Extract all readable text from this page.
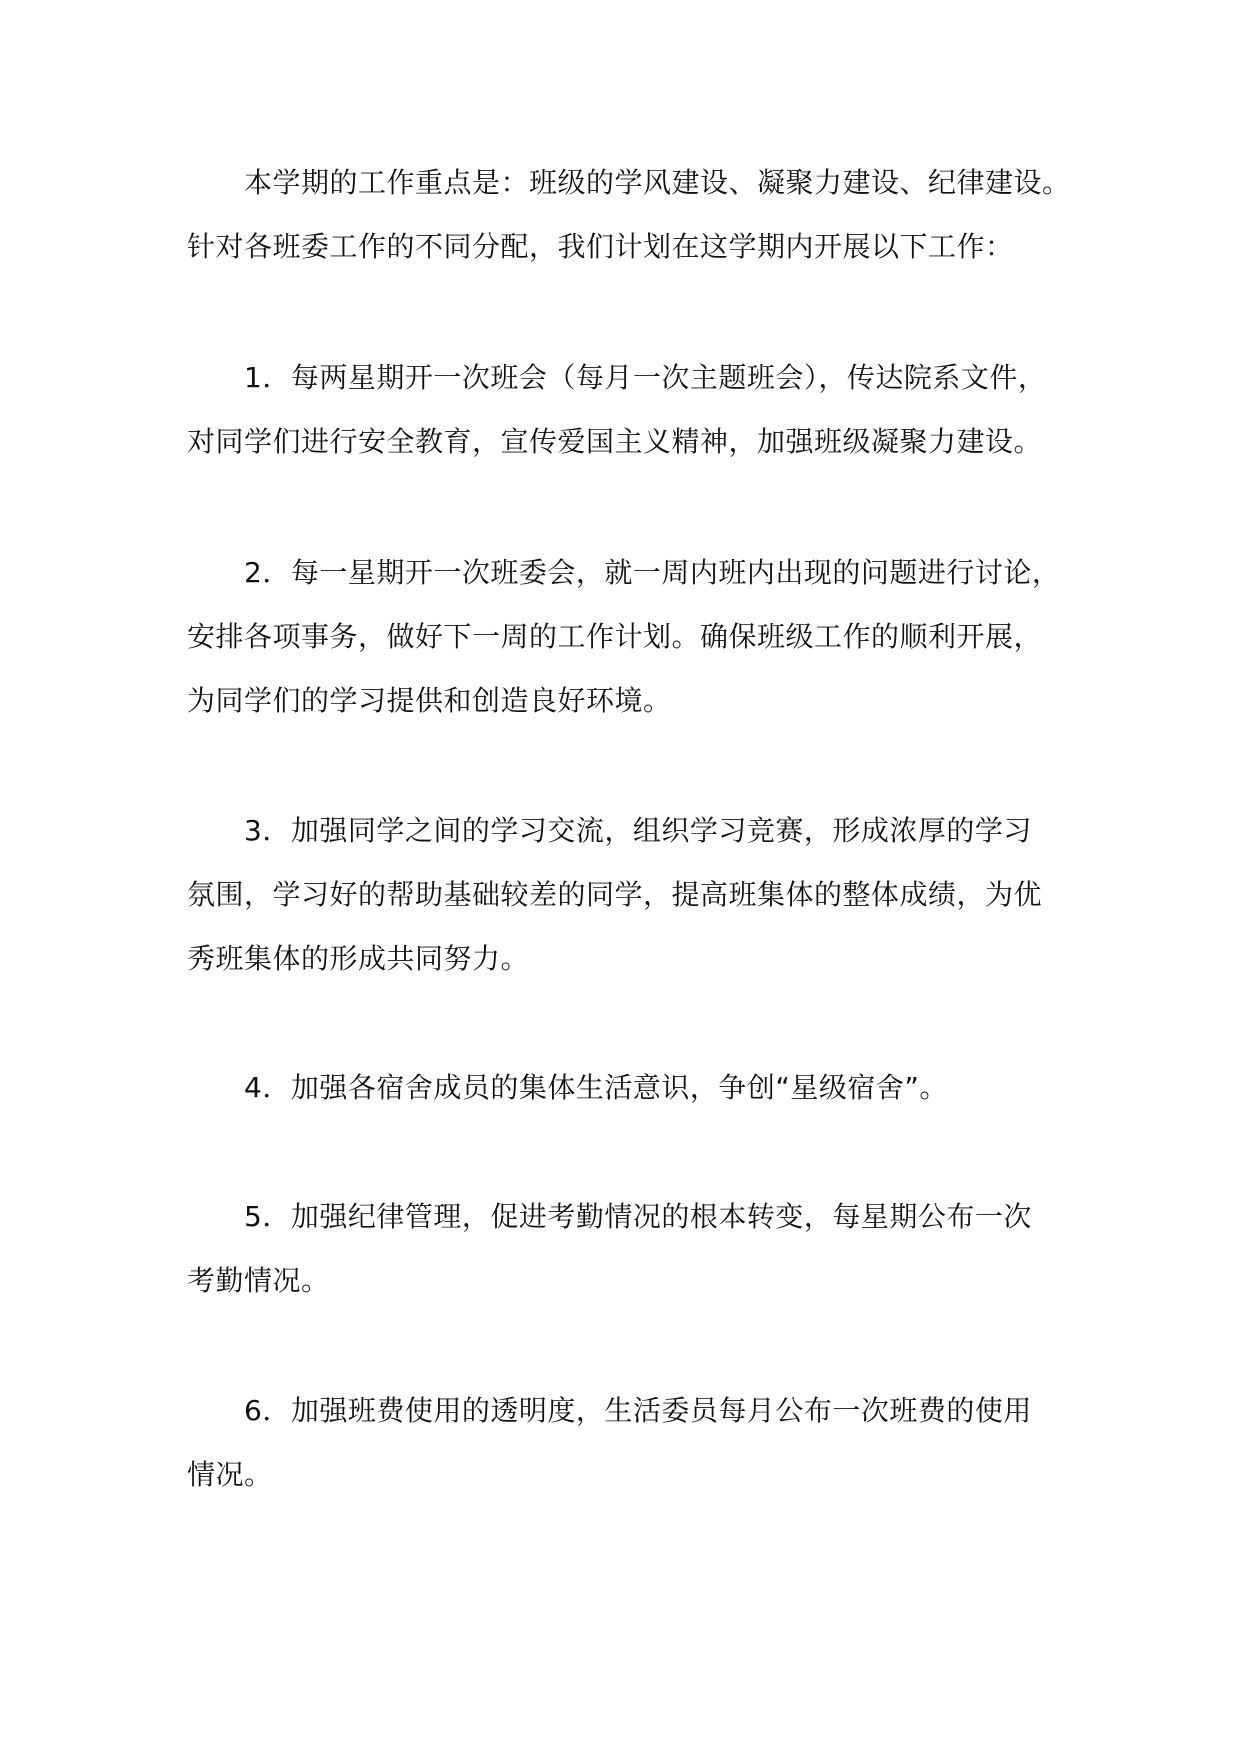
　　本学期的工作重点是：班级的学风建设、凝聚力建设、纪律建设。
针对各班委工作的不同分配，我们计划在这学期内开展以下工作：

　　1．每两星期开一次班会（每月一次主题班会），传达院系文件，
对同学们进行安全教育，宣传爱国主义精神，加强班级凝聚力建设。

　　2．每一星期开一次班委会，就一周内班内出现的问题进行讨论，
安排各项事务，做好下一周的工作计划。确保班级工作的顺利开展，
为同学们的学习提供和创造良好环境。

　　3．加强同学之间的学习交流，组织学习竞赛，形成浓厚的学习
氛围，学习好的帮助基础较差的同学，提高班集体的整体成绩，为优
秀班集体的形成共同努力。

　　4．加强各宿舍成员的集体生活意识，争创“星级宿舍”。

　　5．加强纪律管理，促进考勤情况的根本转变，每星期公布一次
考勤情况。

　　6．加强班费使用的透明度，生活委员每月公布一次班费的使用
情况。
